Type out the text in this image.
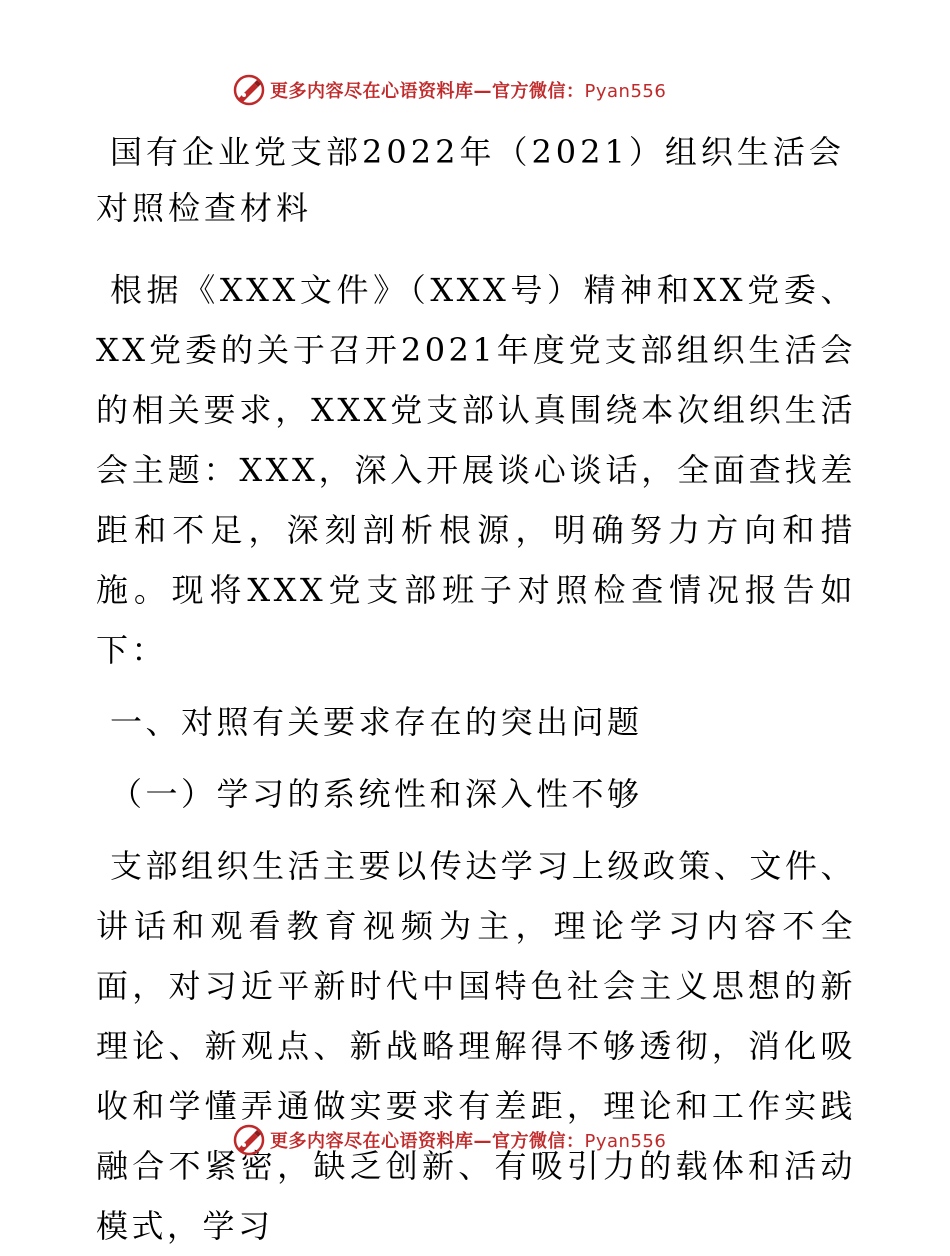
更多内容尽在心语资料库—官方微信：Pyan556
国有企业党支部2022年（2021）组织生活会对照检查材料

根据《XXX文件》（XXX号）精神和XX党委、XX党委的关于召开2021年度党支部组织生活会的相关要求，XXX党支部认真围绕本次组织生活会主题：XXX，深入开展谈心谈话，全面查找差距和不足，深刻剖析根源，明确努力方向和措施。现将XXX党支部班子对照检查情况报告如下：

一、对照有关要求存在的突出问题

（一）学习的系统性和深入性不够

支部组织生活主要以传达学习上级政策、文件、讲话和观看教育视频为主，理论学习内容不全面，对习近平新时代中国特色社会主义思想的新理论、新观点、新战略理解得不够透彻，消化吸收和学懂弄通做实要求有差距，理论和工作实践融合不紧密，缺乏创新、有吸引力的载体和活动模式，学习

更多内容尽在心语资料库—官方微信：Pyan556
